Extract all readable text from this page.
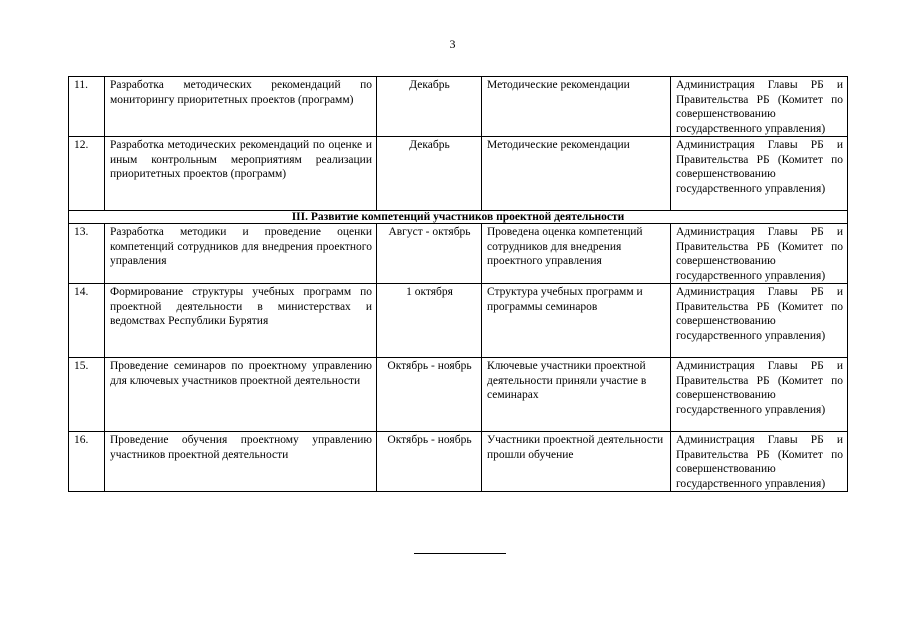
3
11.	Разработка методических рекомендаций по мониторингу приоритетных проектов (программ)	Декабрь	Методические рекомендации	Администрация Главы РБ и Правительства РБ (Комитет по совершенствованию государственного управления)
12.	Разработка методических рекомендаций по оценке и иным контрольным мероприятиям реализации приоритетных проектов (программ)	Декабрь	Методические рекомендации	Администрация Главы РБ и Правительства РБ (Комитет по совершенствованию государственного управления)
III. Развитие компетенций участников проектной деятельности				
13.	Разработка методики и проведение оценки компетенций сотрудников для внедрения проектного управления	Август - октябрь	Проведена оценка компетенций сотрудников для внедрения проектного управления	Администрация Главы РБ и Правительства РБ (Комитет по совершенствованию государственного управления)
14.	Формирование структуры учебных программ по проектной деятельности в министерствах и ведомствах Республики Бурятия	1 октября	Структура учебных программ и программы семинаров	Администрация Главы РБ и Правительства РБ (Комитет по совершенствованию государственного управления)
15.	Проведение семинаров по проектному управлению для ключевых участников проектной деятельности	Октябрь - ноябрь	Ключевые участники проектной деятельности приняли участие в семинарах	Администрация Главы РБ и Правительства РБ (Комитет по совершенствованию государственного управления)
16.	Проведение обучения проектному управлению участников проектной деятельности	Октябрь - ноябрь	Участники проектной деятельности прошли обучение	Администрация Главы РБ и Правительства РБ (Комитет по совершенствованию государственного управления)
